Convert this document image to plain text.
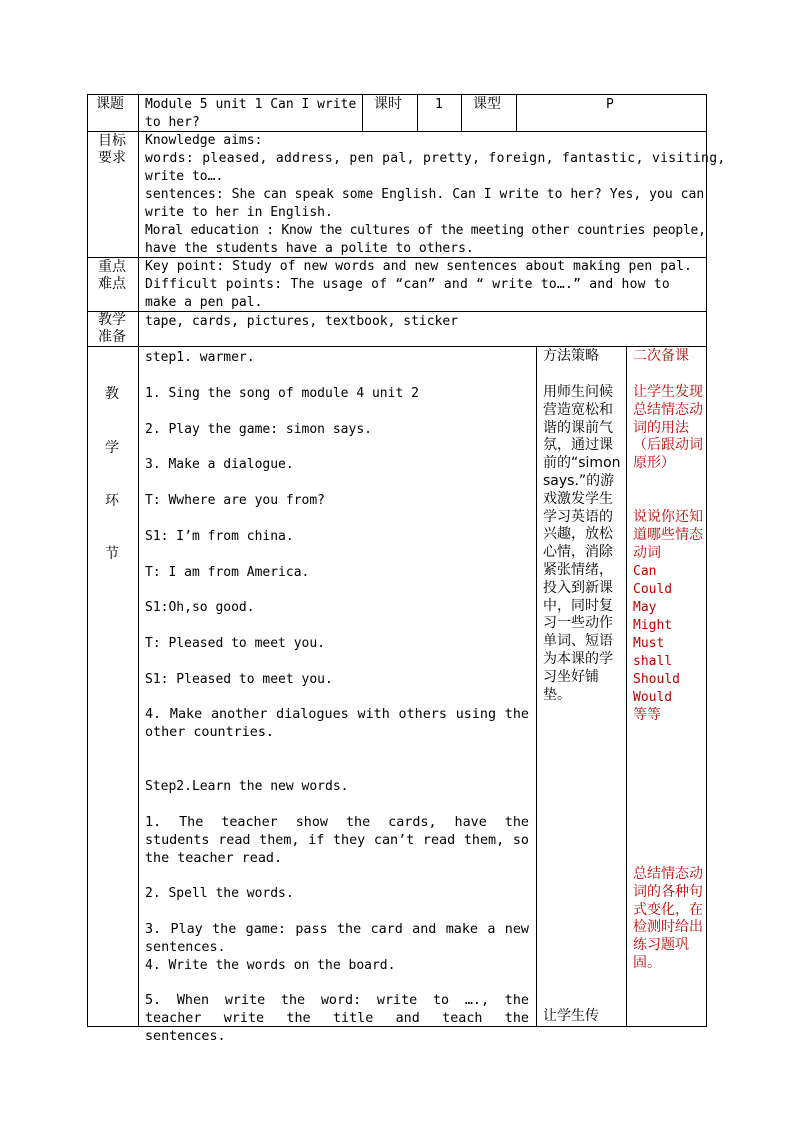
课题 Module 5 unit 1 Can I write
to her?
课时	1 课型	P
目标
要求
Knowledge aims:
words: pleased, address, pen pal, pretty, foreign, fantastic, visiting,
write to….
sentences: She can speak some English. Can I write to her? Yes, you can
write to her in English.
Moral education : Know the cultures of the meeting other countries people,
have the students have a polite to others.
重点
难点
Key point: Study of new words and new sentences about making pen pal.
Difficult points: The usage of “can” and “ write to….” and how to
make a pen pal.
教学
准备
tape, cards, pictures, textbook, sticker
教
学
环
节
step1. warmer.
1. Sing the song of module 4 unit 2
2. Play the game: simon says.
3. Make a dialogue.
T: Wwhere are you from?
S1: I’m from china.
T: I am from America.
S1:Oh,so good.
T: Pleased to meet you.
S1: Pleased to meet you.
4. Make another dialogues with others using the other countries.
Step2.Learn the new words.
1. The teacher show the cards, have the students read them, if they can’t read them, so the teacher read.
2. Spell the words.
3. Play the game: pass the card and make a new sentences.
4. Write the words on the board.
5. When write the word: write to …., the teacher write the title and teach the sentences.
方法策略
用师生问候营造宽松和谐的课前气氛，通过课前的“simon says.”的游戏激发学生学习英语的兴趣，放松心情，消除紧张情绪，投入到新课中，同时复习一些动作单词、短语为本课的学习坐好铺垫。
让学生传
二次备课
让学生发现总结情态动词的用法（后跟动词原形）
说说你还知道哪些情态动词
Can
Could
May
Might
Must
shall
Should
Would
等等
总结情态动词的各种句式变化，在检测时给出练习题巩固。
